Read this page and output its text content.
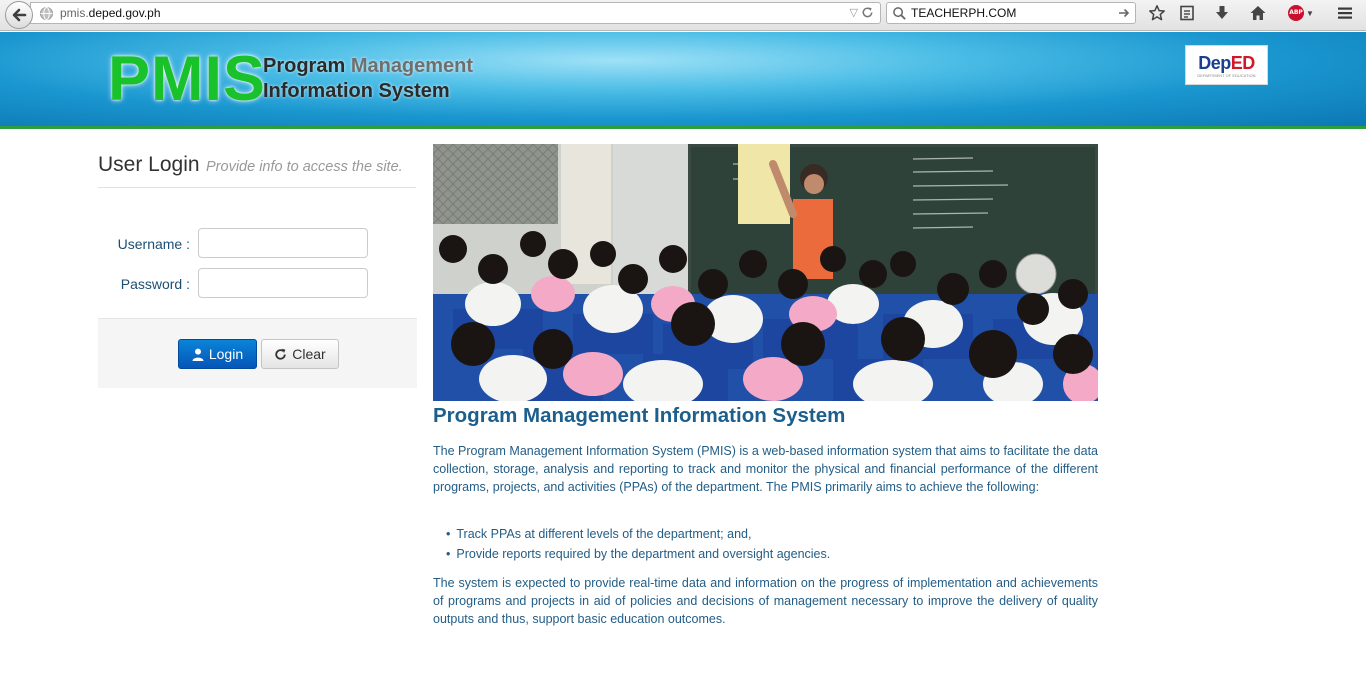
pmis.deped.gov.ph	▽	TEACHERPH.COM	ABP ▼
PMIS
Program Management
Information System
DepED
DEPARTMENT OF EDUCATION
User Login Provide info to access the site.
Username :
Password :
Login	Clear
Program Management Information System

The Program Management Information System (PMIS) is a web-based information system that aims to facilitate the data collection, storage, analysis and reporting to track and monitor the physical and financial performance of the different programs, projects, and activities (PPAs) of the department. The PMIS primarily aims to achieve the following:

• Track PPAs at different levels of the department; and,
• Provide reports required by the department and oversight agencies.

The system is expected to provide real-time data and information on the progress of implementation and achievements of programs and projects in aid of policies and decisions of management necessary to improve the delivery of quality outputs and thus, support basic education outcomes.
